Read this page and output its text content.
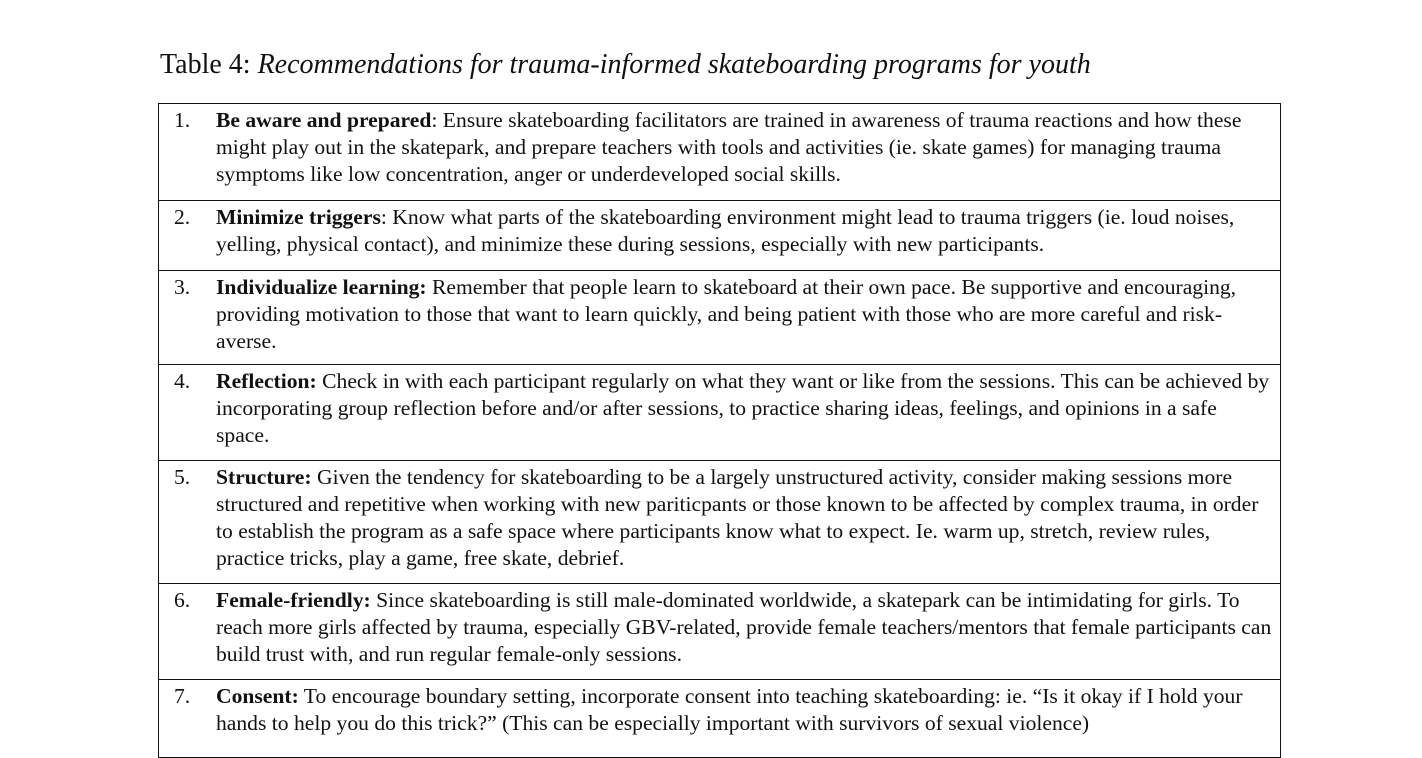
Table 4: Recommendations for trauma-informed skateboarding programs for youth
1. Be aware and prepared: Ensure skateboarding facilitators are trained in awareness of trauma reactions and how these might play out in the skatepark, and prepare teachers with tools and activities (ie. skate games) for managing trauma symptoms like low concentration, anger or underdeveloped social skills.
2. Minimize triggers: Know what parts of the skateboarding environment might lead to trauma triggers (ie. loud noises, yelling, physical contact), and minimize these during sessions, especially with new participants.
3. Individualize learning: Remember that people learn to skateboard at their own pace. Be supportive and encouraging, providing motivation to those that want to learn quickly, and being patient with those who are more careful and risk-averse.
4. Reflection: Check in with each participant regularly on what they want or like from the sessions. This can be achieved by incorporating group reflection before and/or after sessions, to practice sharing ideas, feelings, and opinions in a safe space.
5. Structure: Given the tendency for skateboarding to be a largely unstructured activity, consider making sessions more structured and repetitive when working with new pariticpants or those known to be affected by complex trauma, in order to establish the program as a safe space where participants know what to expect. Ie. warm up, stretch, review rules, practice tricks, play a game, free skate, debrief.
6. Female-friendly: Since skateboarding is still male-dominated worldwide, a skatepark can be intimidating for girls. To reach more girls affected by trauma, especially GBV-related, provide female teachers/mentors that female participants can build trust with, and run regular female-only sessions.
7. Consent: To encourage boundary setting, incorporate consent into teaching skateboarding: ie. “Is it okay if I hold your hands to help you do this trick?” (This can be especially important with survivors of sexual violence)
